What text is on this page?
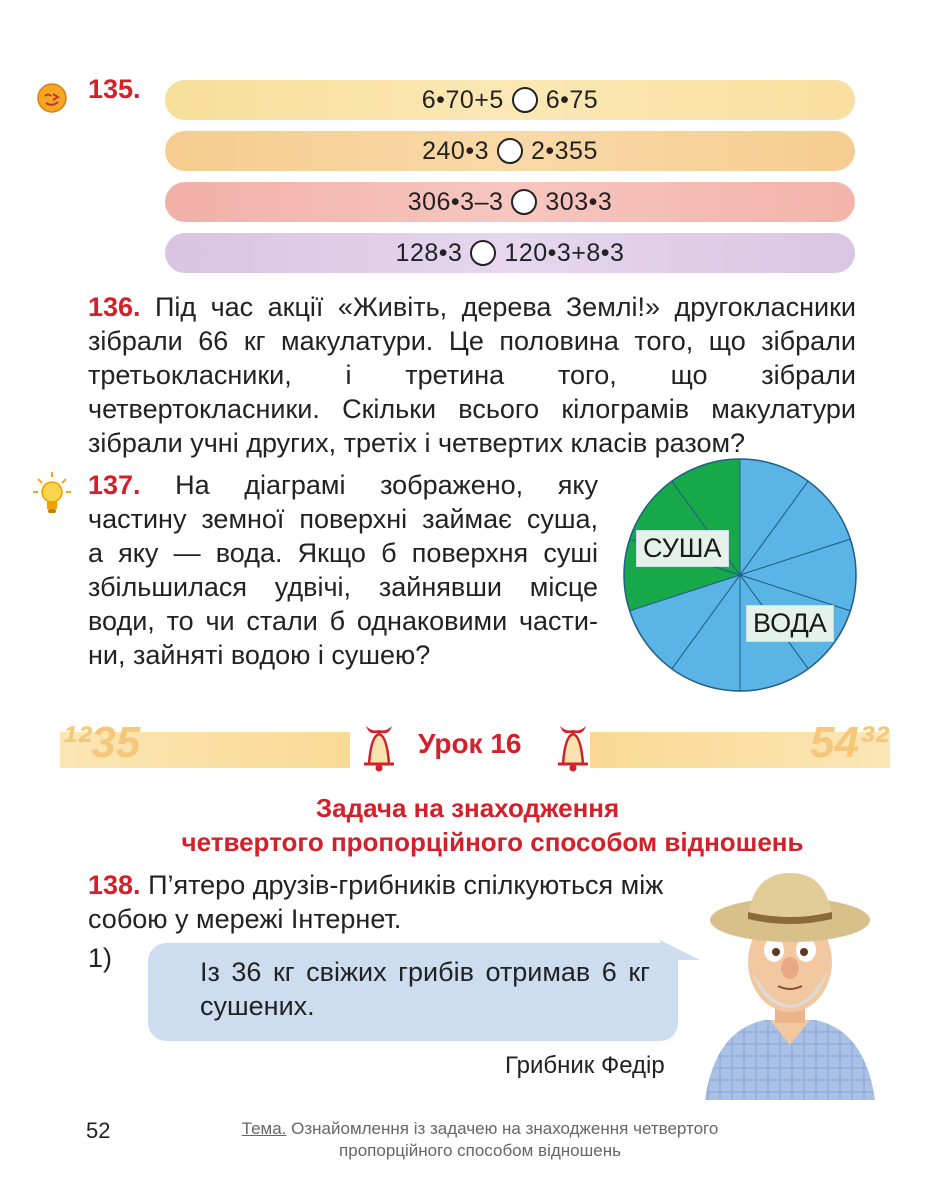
135.	6•70+5 6•75
240•3 2•355
306•3–3 303•3
128•3 120•3+8•3
136. Під час акції «Живіть, дерева Землі!» другокласники зібрали 66 кг макулатури. Це половина того, що зібрали третьокласники, і третина того, що зібрали четвертокласники. Скільки всього кілограмів макулатури зібрали учні других, третіх і четвертих класів разом?
137. На діаграмі зображено, яку
частину земної поверхні займає суша,
а яку — вода. Якщо б поверхня суші
збільшилася удвічі, зайнявши місце
води, то чи стали б однаковими части-
ни, зайняті водою і сушею?
СУША
ВОДА
¹²35	54³²
Урок 16
Задача на знаходження
четвертого пропорційного способом відношень
138. П’ятеро друзів-грибників спілкуються між собою у мережі Інтернет.
1)	Із 36 кг свіжих грибів отримав 6 кг сушених.
Грибник Федір
52	Тема. Ознайомлення із задачею на знаходження четвертого
пропорційного способом відношень
